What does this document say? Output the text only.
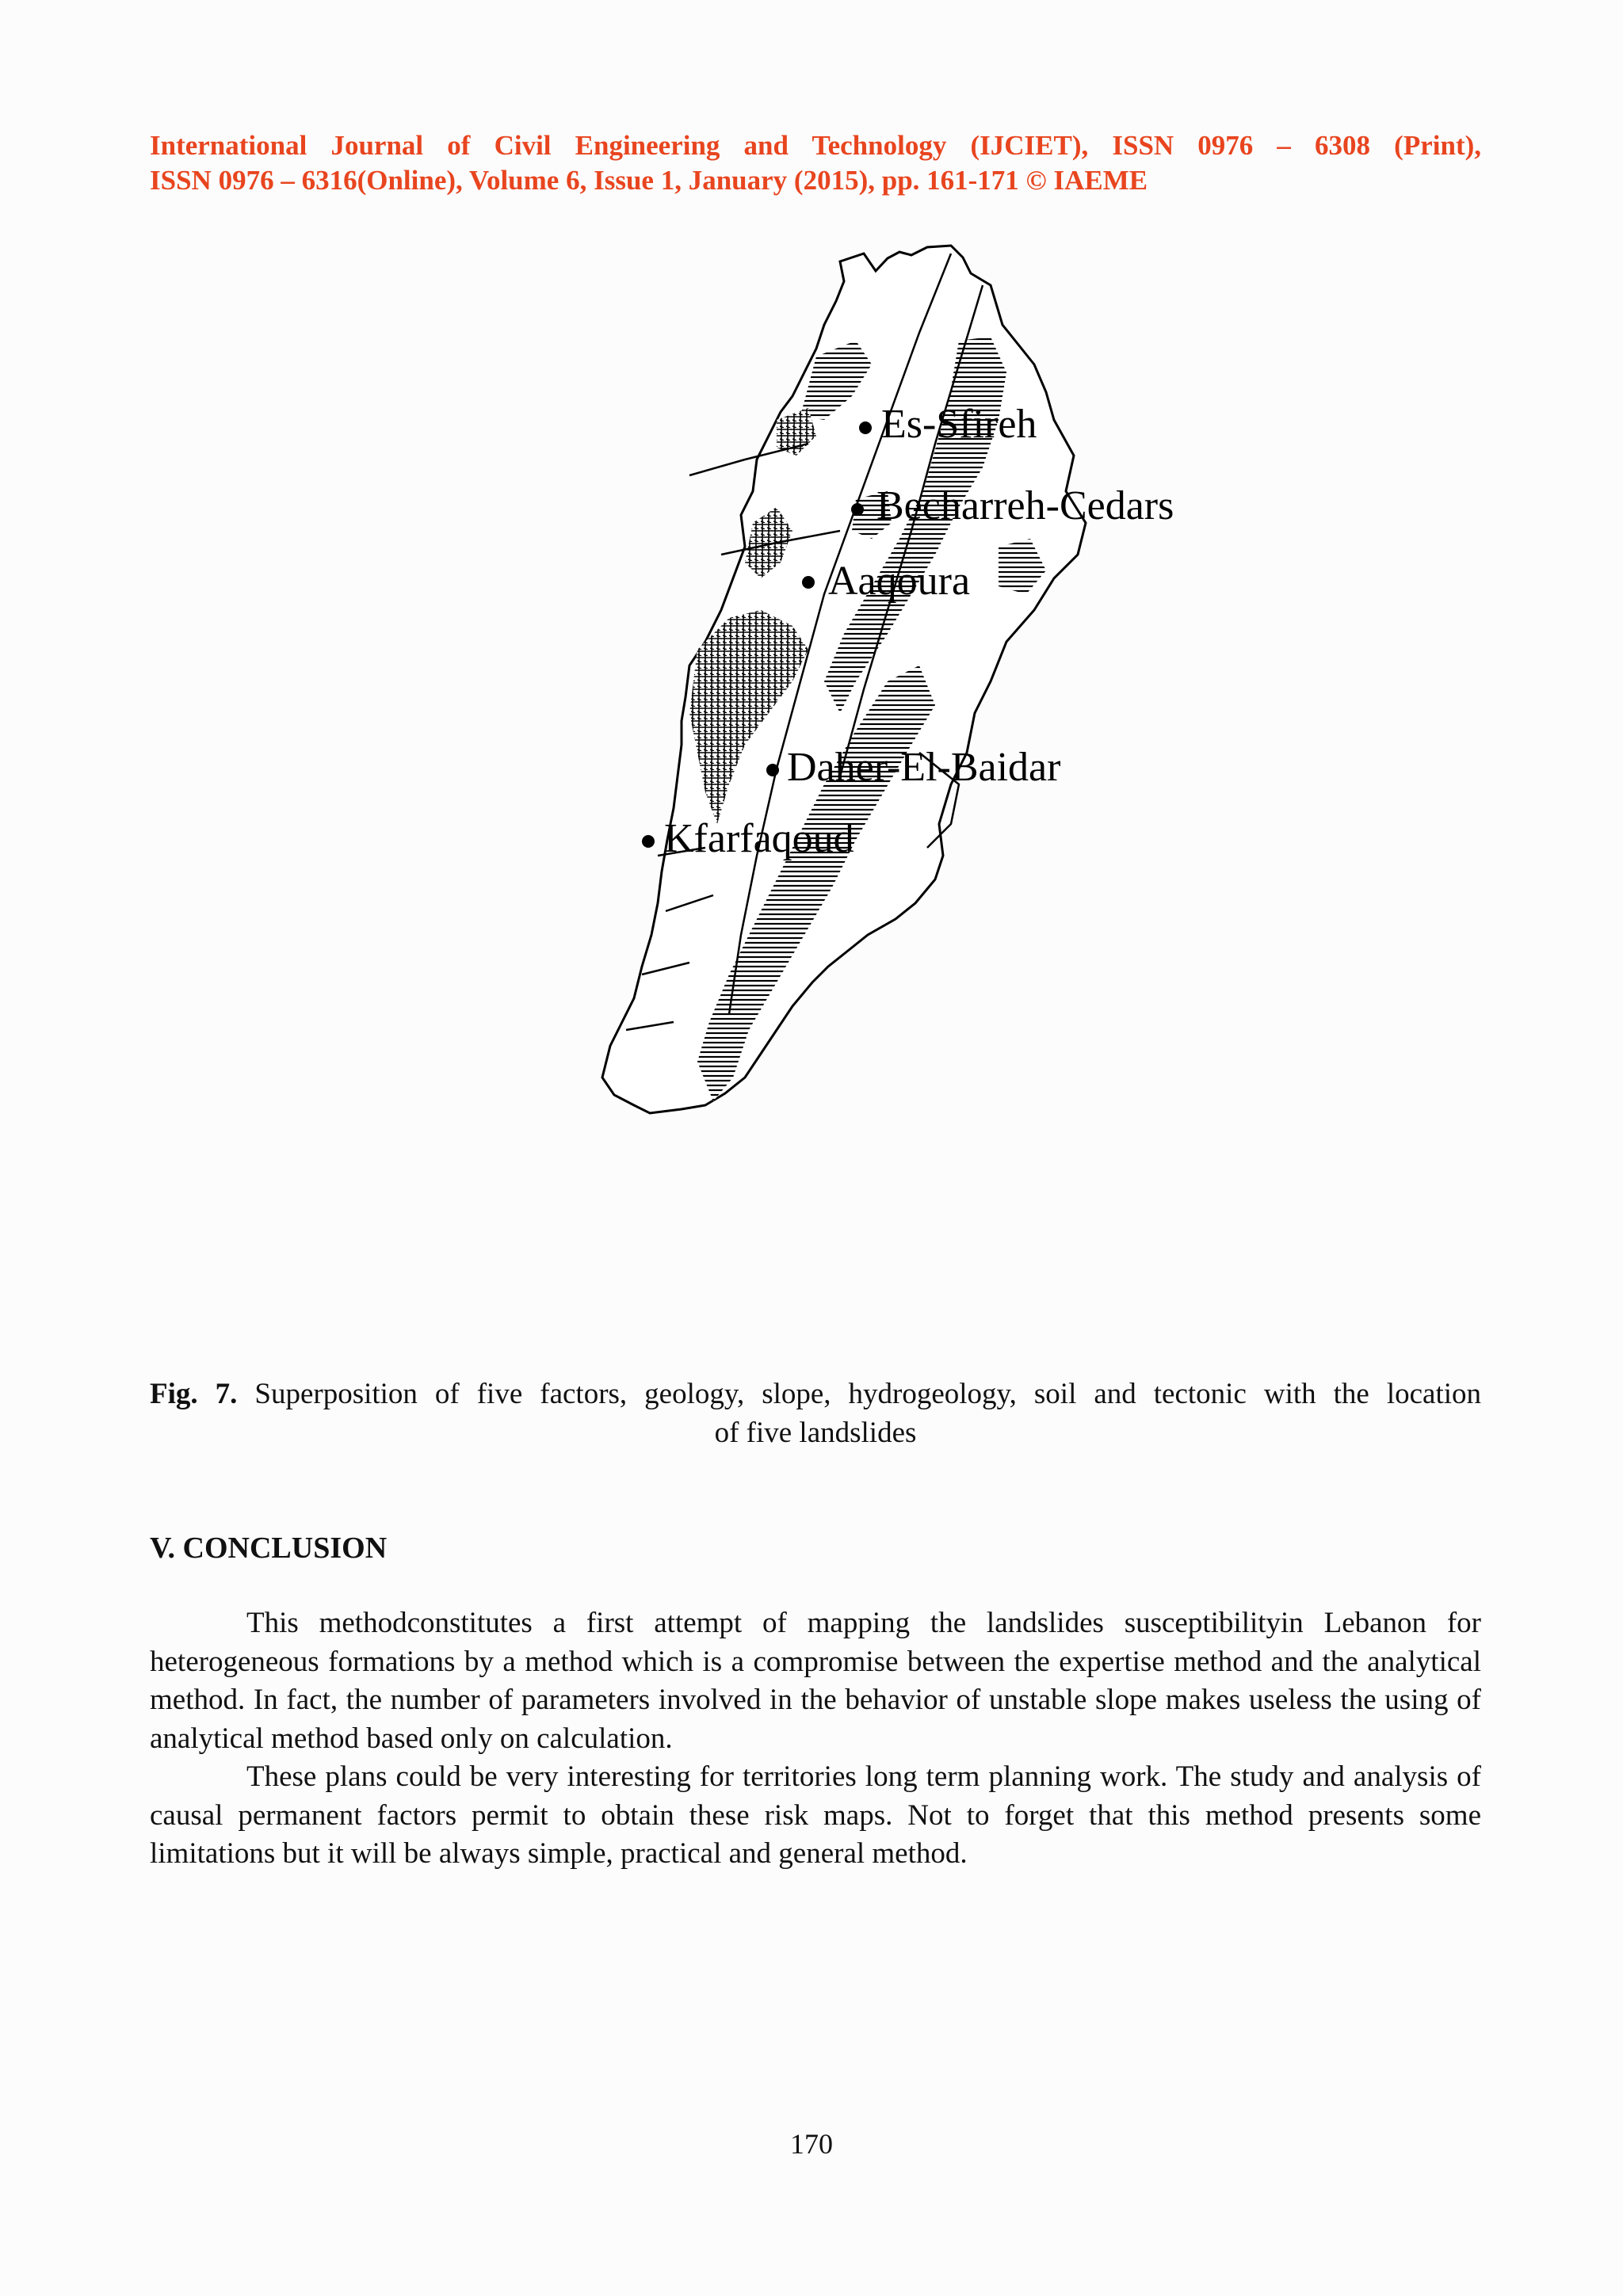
International Journal of Civil Engineering and Technology (IJCIET), ISSN 0976 – 6308 (Print),
ISSN 0976 – 6316(Online), Volume 6, Issue 1, January (2015), pp. 161-171 © IAEME
Es-Sfireh
Becharreh-Cedars
Aaqoura
Daher-El-Baidar
Kfarfaqoud
Fig. 7. Superposition of five factors, geology, slope, hydrogeology, soil and tectonic with the location
of five landslides
V. CONCLUSION

This methodconstitutes a first attempt of mapping the landslides susceptibilityin Lebanon for heterogeneous formations by a method which is a compromise between the expertise method and the analytical method. In fact, the number of parameters involved in the behavior of unstable slope makes useless the using of analytical method based only on calculation.

These plans could be very interesting for territories long term planning work. The study and analysis of causal permanent factors permit to obtain these risk maps. Not to forget that this method presents some limitations but it will be always simple, practical and general method.

170
